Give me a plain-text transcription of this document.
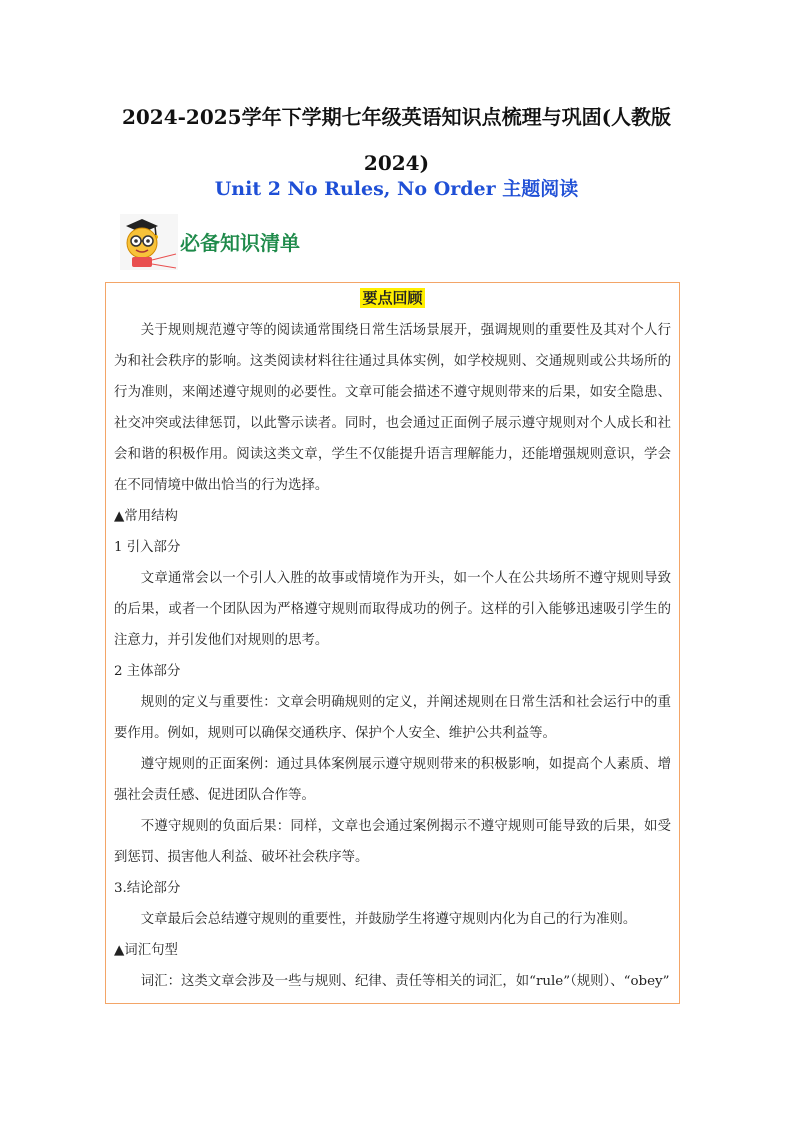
2024-2025学年下学期七年级英语知识点梳理与巩固(人教版2024)
Unit 2 No Rules, No Order 主题阅读
必备知识清单
要点回顾

关于规则规范遵守等的阅读通常围绕日常生活场景展开，强调规则的重要性及其对个人行为和社会秩序的影响。这类阅读材料往往通过具体实例，如学校规则、交通规则或公共场所的行为准则，来阐述遵守规则的必要性。文章可能会描述不遵守规则带来的后果，如安全隐患、社交冲突或法律惩罚，以此警示读者。同时，也会通过正面例子展示遵守规则对个人成长和社会和谐的积极作用。阅读这类文章，学生不仅能提升语言理解能力，还能增强规则意识，学会在不同情境中做出恰当的行为选择。

▲常用结构

1 引入部分

文章通常会以一个引人入胜的故事或情境作为开头，如一个人在公共场所不遵守规则导致的后果，或者一个团队因为严格遵守规则而取得成功的例子。这样的引入能够迅速吸引学生的注意力，并引发他们对规则的思考。

2 主体部分

规则的定义与重要性：文章会明确规则的定义，并阐述规则在日常生活和社会运行中的重要作用。例如，规则可以确保交通秩序、保护个人安全、维护公共利益等。

遵守规则的正面案例：通过具体案例展示遵守规则带来的积极影响，如提高个人素质、增强社会责任感、促进团队合作等。

不遵守规则的负面后果：同样，文章也会通过案例揭示不遵守规则可能导致的后果，如受到惩罚、损害他人利益、破坏社会秩序等。

3.结论部分

文章最后会总结遵守规则的重要性，并鼓励学生将遵守规则内化为自己的行为准则。

▲词汇句型

词汇：这类文章会涉及一些与规则、纪律、责任等相关的词汇，如“rule”（规则）、“obey”
